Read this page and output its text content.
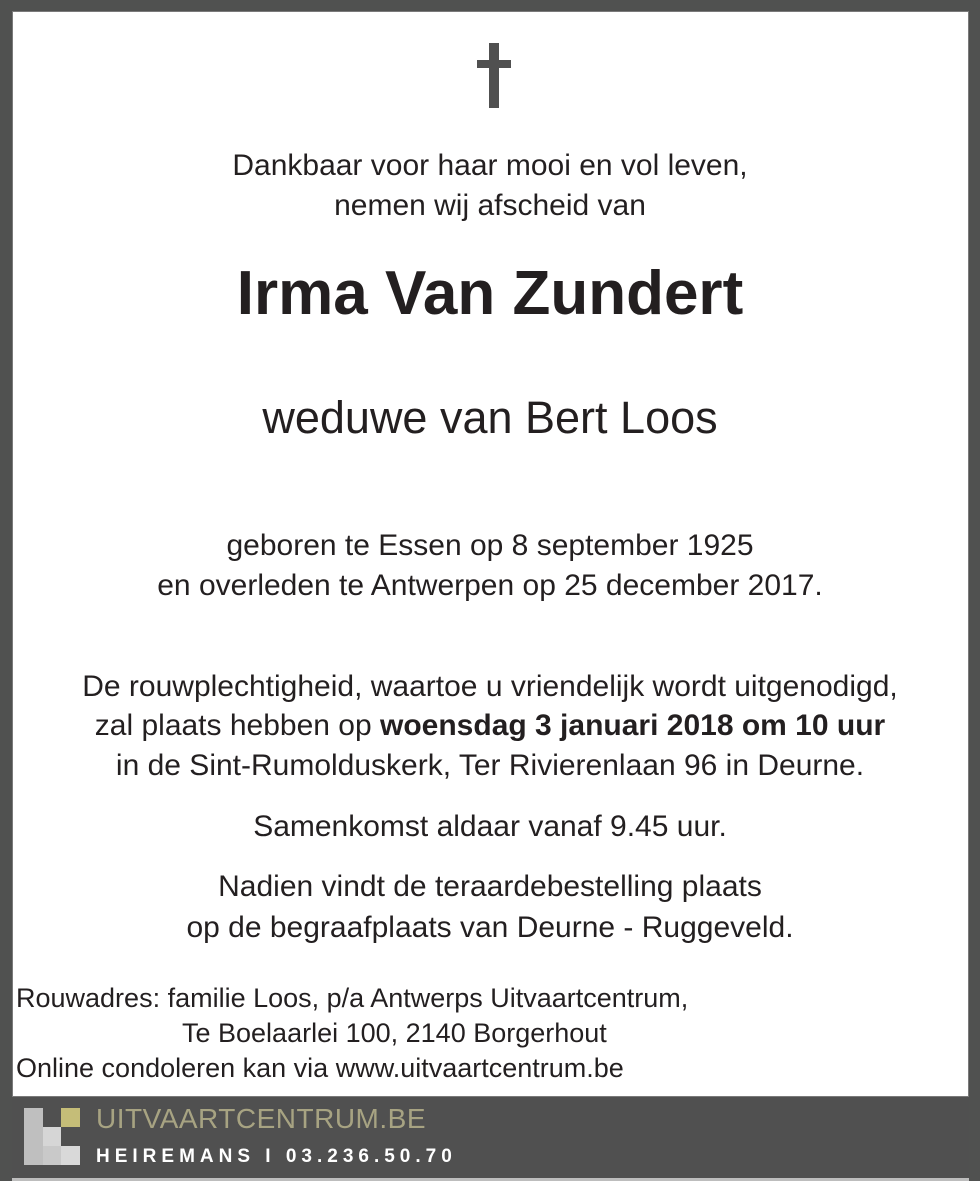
Dankbaar voor haar mooi en vol leven,
nemen wij afscheid van
Irma Van Zundert
weduwe van Bert Loos
geboren te Essen op 8 september 1925
en overleden te Antwerpen op 25 december 2017.
De rouwplechtigheid, waartoe u vriendelijk wordt uitgenodigd,
zal plaats hebben op woensdag 3 januari 2018 om 10 uur
in de Sint-Rumolduskerk, Ter Rivierenlaan 96 in Deurne.
Samenkomst aldaar vanaf 9.45 uur.
Nadien vindt de teraardebestelling plaats
op de begraafplaats van Deurne - Ruggeveld.
Rouwadres: familie Loos, p/a Antwerps Uitvaartcentrum,
Te Boelaarlei 100, 2140 Borgerhout
Online condoleren kan via www.uitvaartcentrum.be
UITVAARTCENTRUM.BE
HEIREMANS I 03.236.50.70
